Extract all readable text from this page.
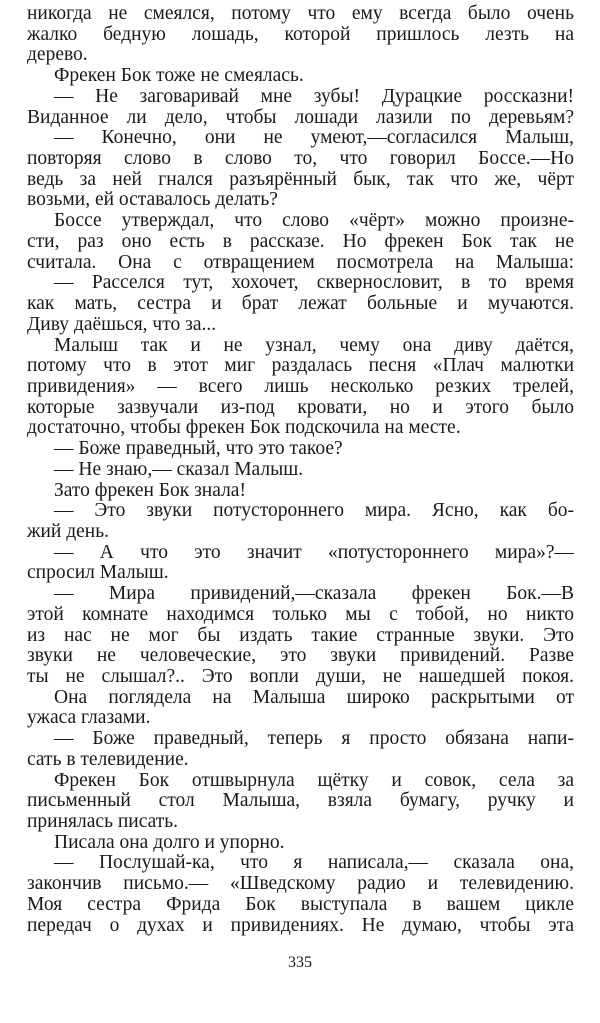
никогда не смеялся, потому что ему всегда было очень
жалко бедную лошадь, которой пришлось лезть на
дерево.
Фрекен Бок тоже не смеялась.
— Не заговаривай мне зубы! Дурацкие россказни!
Виданное ли дело, чтобы лошади лазили по деревьям?
— Конечно, они не умеют,—согласился Малыш,
повторяя слово в слово то, что говорил Боссе.—Но
ведь за ней гнался разъярённый бык, так что же, чёрт
возьми, ей оставалось делать?
Боссе утверждал, что слово «чёрт» можно произне-
сти, раз оно есть в рассказе. Но фрекен Бок так не
считала. Она с отвращением посмотрела на Малыша:
— Расселся тут, хохочет, сквернословит, в то время
как мать, сестра и брат лежат больные и мучаются.
Диву даёшься, что за...
Малыш так и не узнал, чему она диву даётся,
потому что в этот миг раздалась песня «Плач малютки
привидения» — всего лишь несколько резких трелей,
которые зазвучали из-под кровати, но и этого было
достаточно, чтобы фрекен Бок подскочила на месте.
— Боже праведный, что это такое?
— Не знаю,— сказал Малыш.
Зато фрекен Бок знала!
— Это звуки потустороннего мира. Ясно, как бо-
жий день.
— А что это значит «потустороннего мира»?—
спросил Малыш.
— Мира привидений,—сказала фрекен Бок.—В
этой комнате находимся только мы с тобой, но никто
из нас не мог бы издать такие странные звуки. Это
звуки не человеческие, это звуки привидений. Разве
ты не слышал?.. Это вопли души, не нашедшей покоя.
Она поглядела на Малыша широко раскрытыми от
ужаса глазами.
— Боже праведный, теперь я просто обязана напи-
сать в телевидение.
Фрекен Бок отшвырнула щётку и совок, села за
письменный стол Малыша, взяла бумагу, ручку и
принялась писать.
Писала она долго и упорно.
— Послушай-ка, что я написала,— сказала она,
закончив письмо.— «Шведскому радио и телевидению.
Моя сестра Фрида Бок выступала в вашем цикле
передач о духах и привидениях. Не думаю, чтобы эта
335
